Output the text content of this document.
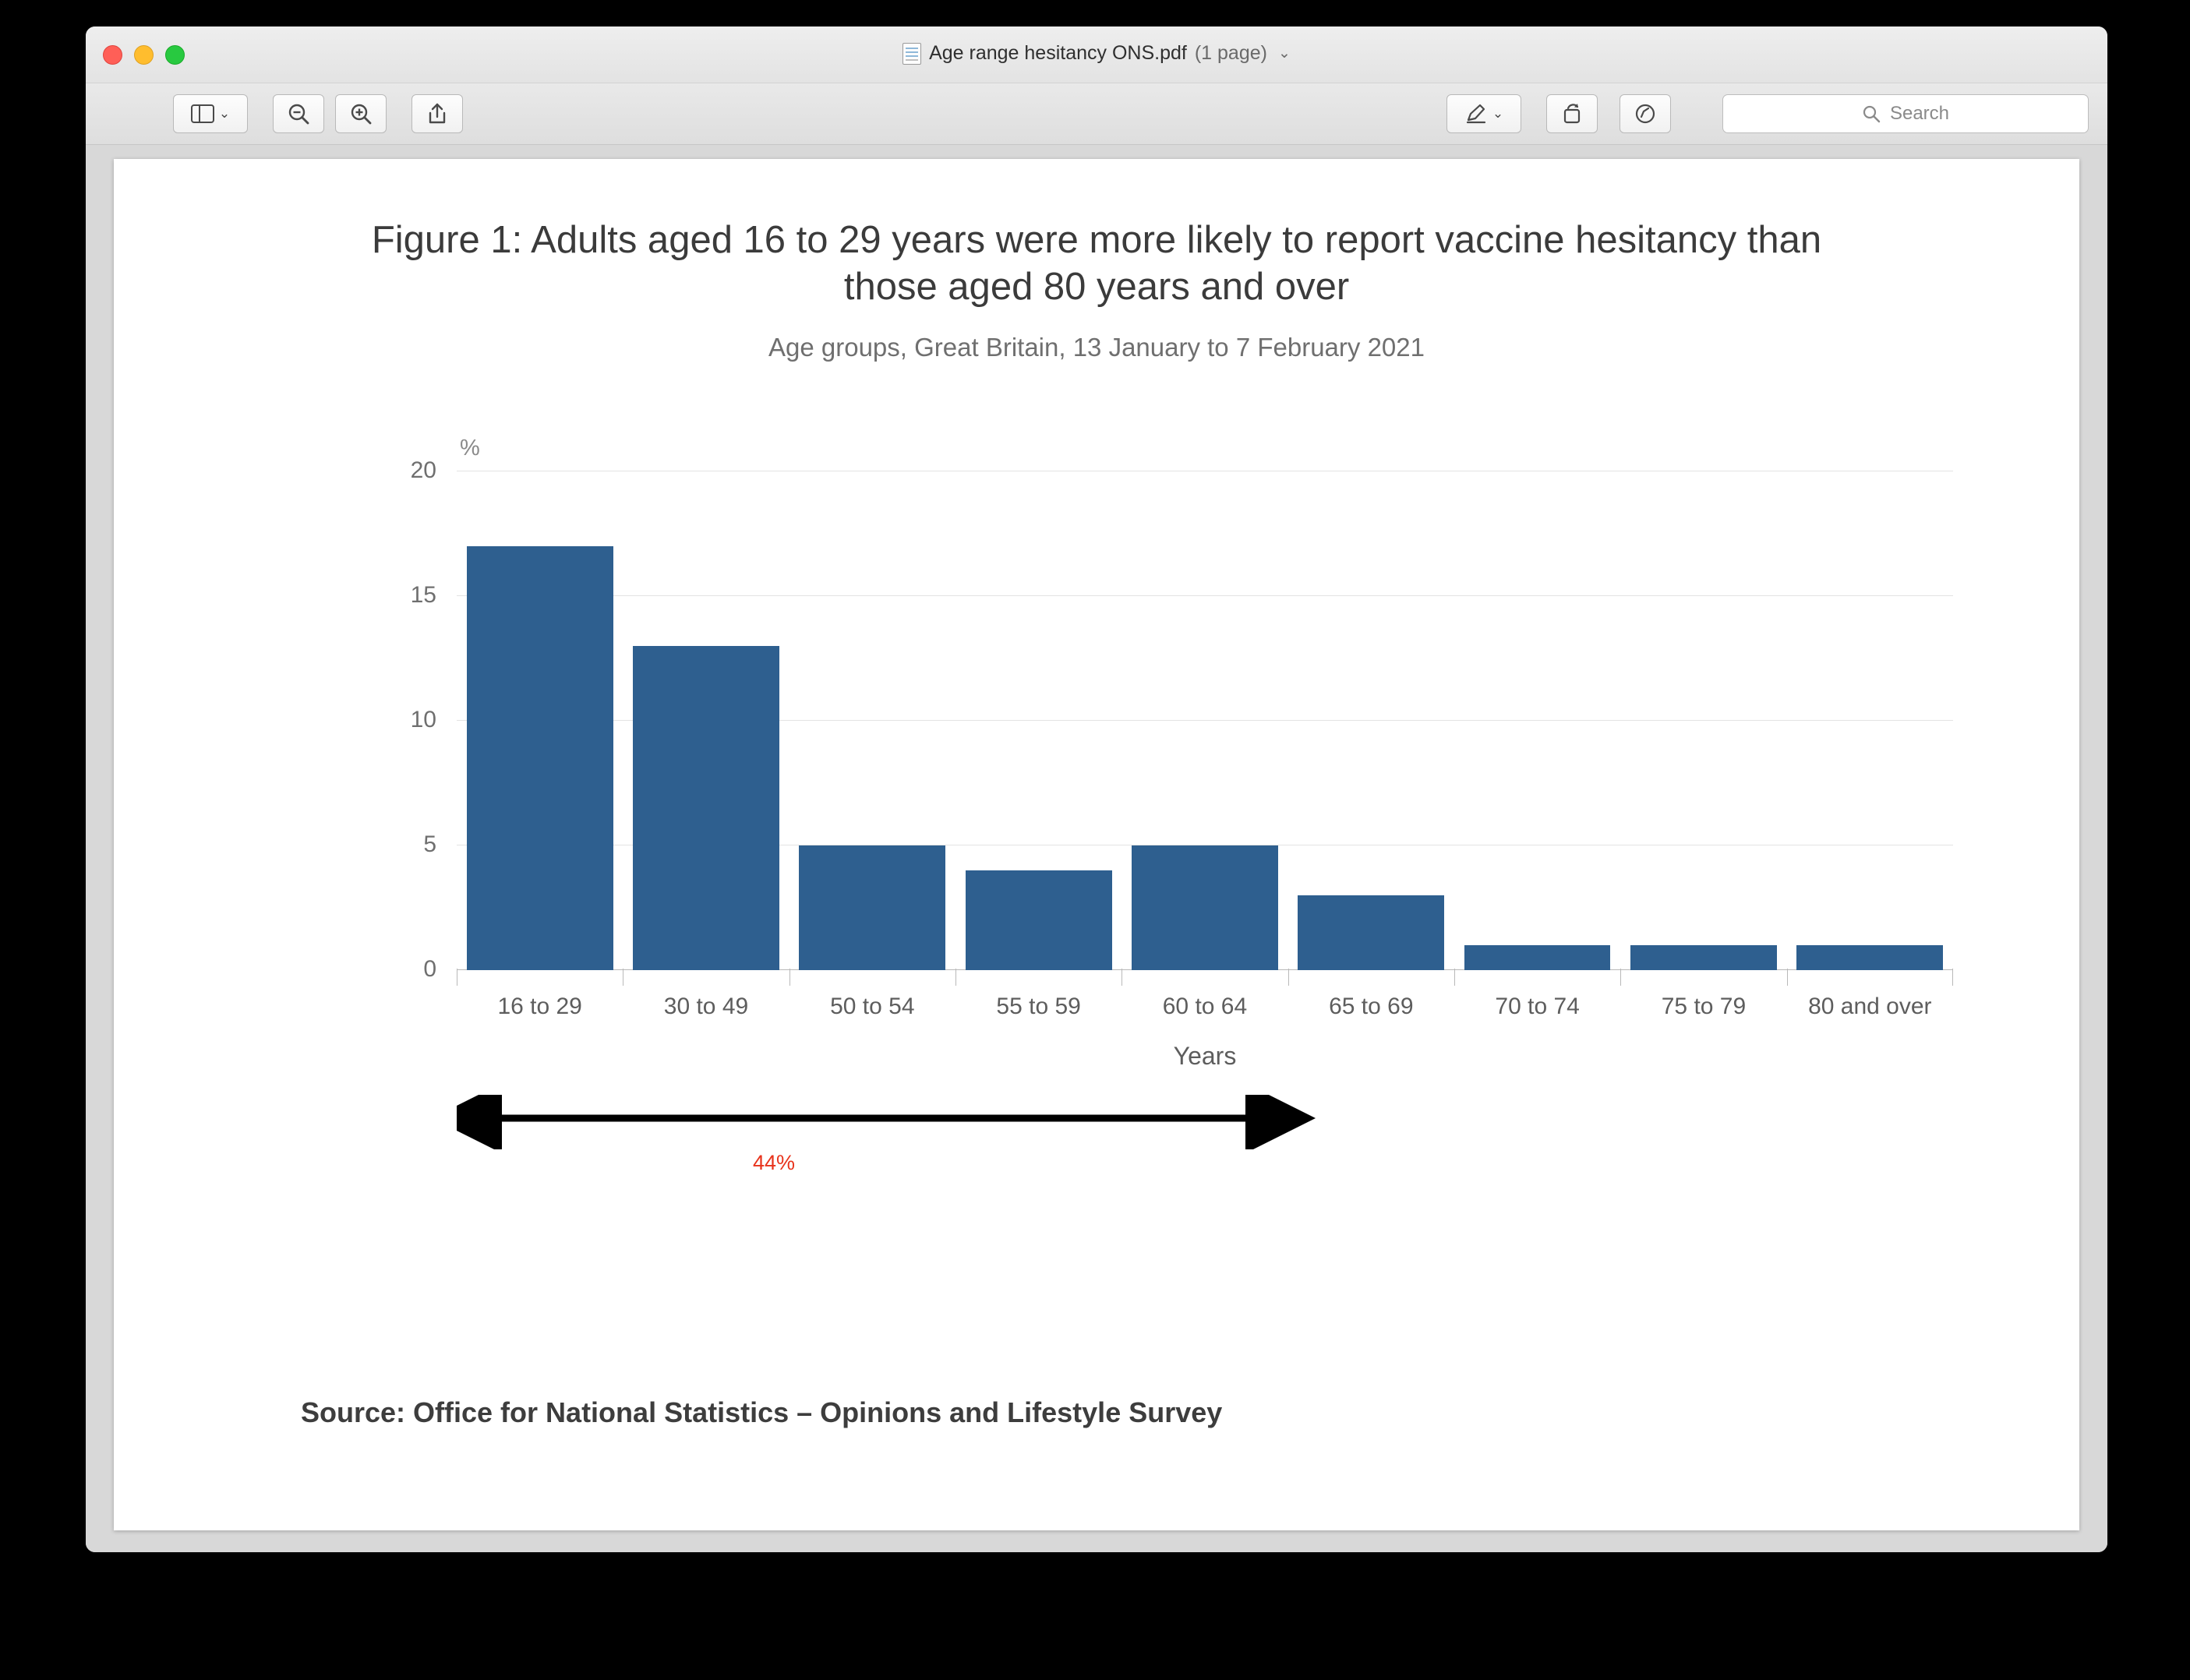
Age range hesitancy ONS.pdf (1 page) ⌄
⌄	⌄	Search
Figure 1: Adults aged 16 to 29 years were more likely to report vaccine hesitancy than those aged 80 years and over
Age groups, Great Britain, 13 January to 7 February 2021
%
0
5
10
15
20
16 to 29	30 to 49	50 to 54	55 to 59	60 to 64	65 to 69	70 to 74	75 to 79	80 and over
Years
44%
Source: Office for National Statistics – Opinions and Lifestyle Survey
